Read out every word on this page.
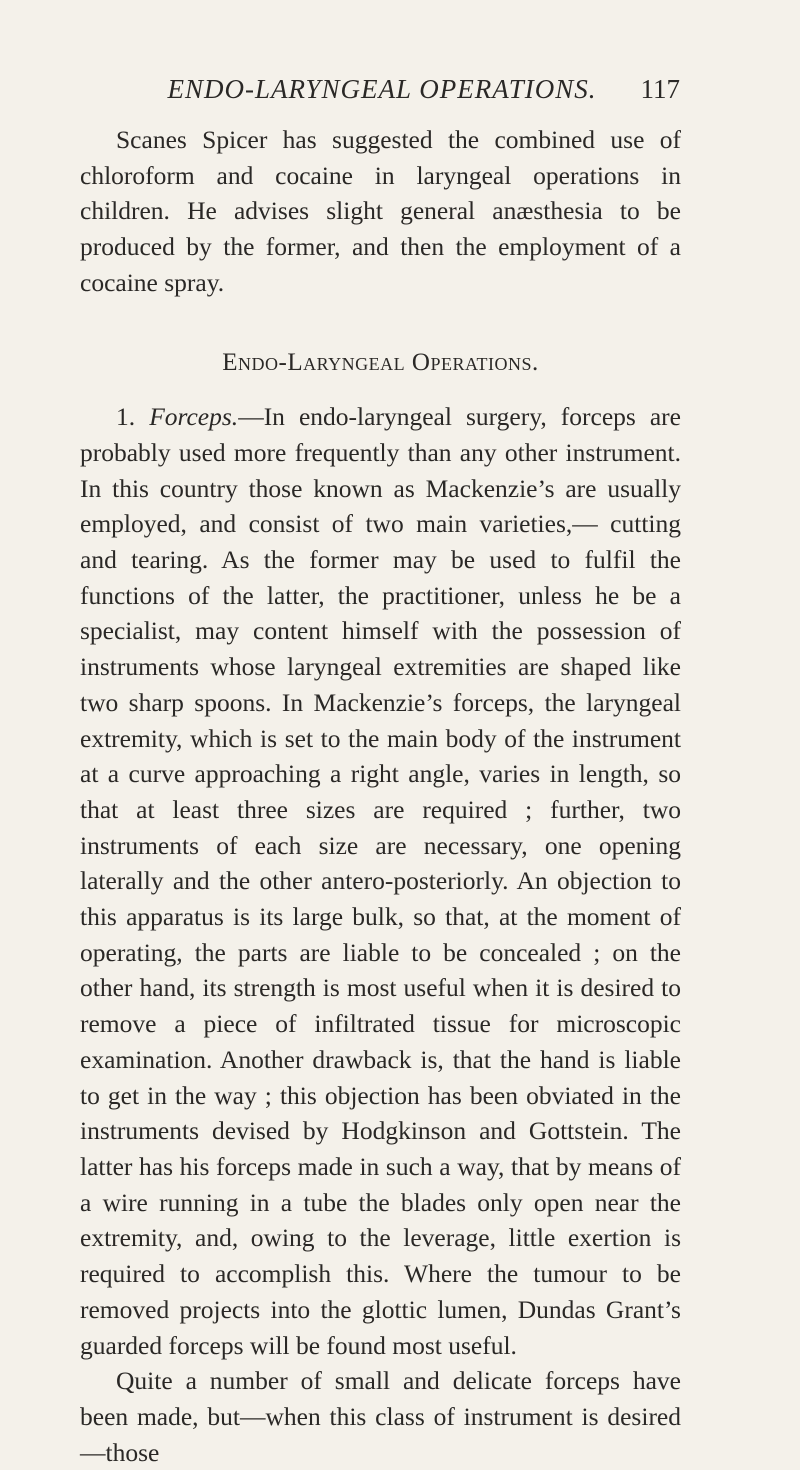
ENDO-LARYNGEAL OPERATIONS.	117

Scanes Spicer has suggested the combined use of chloroform and cocaine in laryngeal operations in children. He advises slight general anæsthesia to be produced by the former, and then the employment of a cocaine spray.

Endo-Laryngeal Operations.

1. Forceps.—In endo-laryngeal surgery, forceps are probably used more frequently than any other instrument. In this country those known as Mackenzie’s are usually employed, and consist of two main varieties,— cutting and tearing. As the former may be used to fulfil the functions of the latter, the practitioner, unless he be a specialist, may content himself with the possession of instruments whose laryngeal extremities are shaped like two sharp spoons. In Mackenzie’s forceps, the laryngeal extremity, which is set to the main body of the instrument at a curve approaching a right angle, varies in length, so that at least three sizes are required ; further, two instruments of each size are necessary, one opening laterally and the other antero-posteriorly. An objection to this apparatus is its large bulk, so that, at the moment of operating, the parts are liable to be concealed ; on the other hand, its strength is most useful when it is desired to remove a piece of infiltrated tissue for microscopic examination. Another drawback is, that the hand is liable to get in the way ; this objection has been obviated in the instruments devised by Hodgkinson and Gottstein. The latter has his forceps made in such a way, that by means of a wire running in a tube the blades only open near the extremity, and, owing to the leverage, little exertion is required to accomplish this. Where the tumour to be removed projects into the glottic lumen, Dundas Grant’s guarded forceps will be found most useful.

Quite a number of small and delicate forceps have been made, but—when this class of instrument is desired—those
